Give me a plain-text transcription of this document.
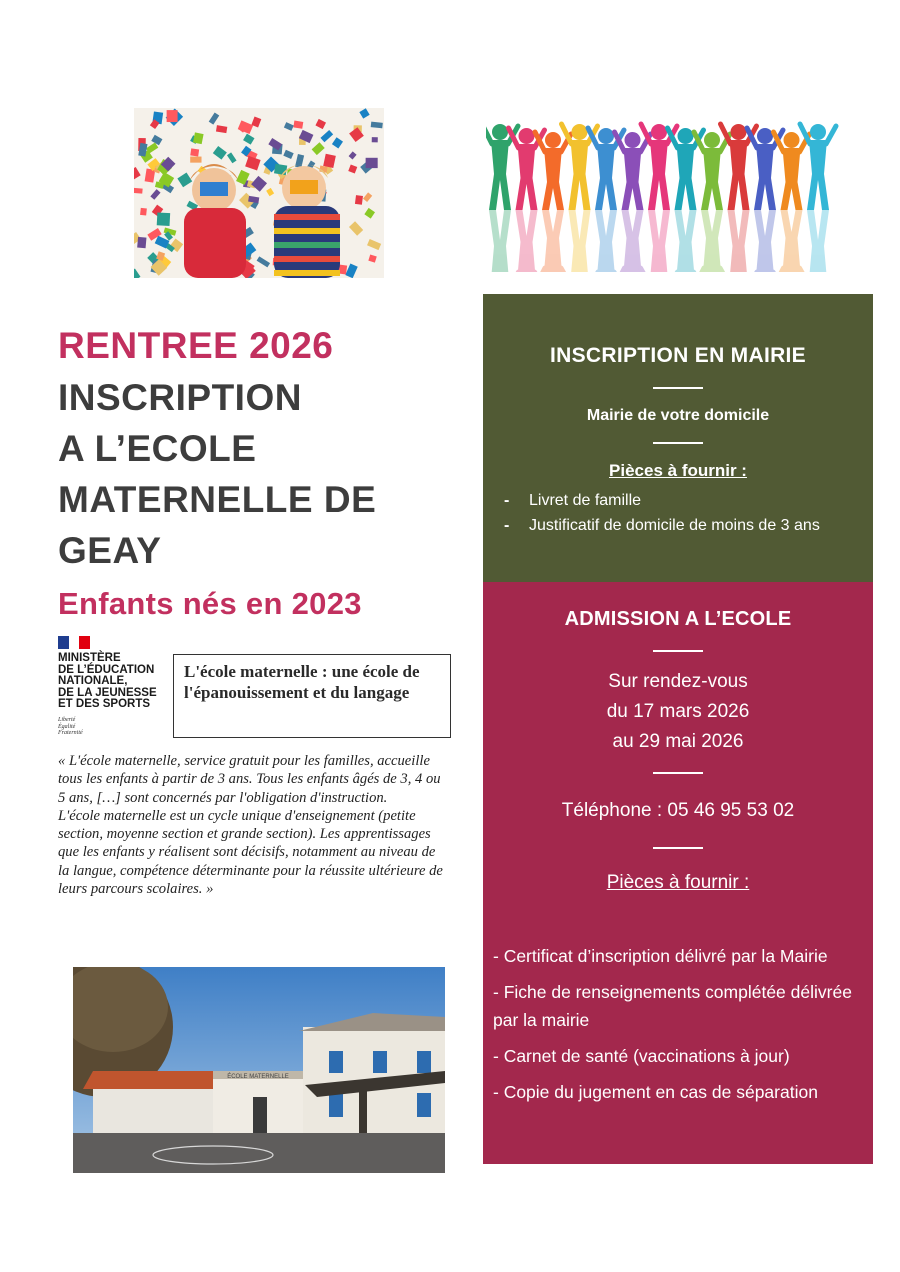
RENTREE 2026
INSCRIPTION
A L’ECOLE
MATERNELLE DE
GEAY
Enfants nés en 2023
MINISTÈRE
DE L’ÉDUCATION
NATIONALE,
DE LA JEUNESSE
ET DES SPORTS
Liberté
Égalité
Fraternité
L'école maternelle : une école de l'épanouissement et du langage

« L'école maternelle, service gratuit pour les familles, accueille tous les enfants à partir de 3 ans. Tous les enfants âgés de 3, 4 ou 5 ans, […] sont concernés par l'obligation d'instruction.

L'école maternelle est un cycle unique d'enseignement (petite section, moyenne section et grande section). Les apprentissages que les enfants y réalisent sont décisifs, notamment au niveau de la langue, compétence déterminante pour la réussite ultérieure de leurs parcours scolaires. »

ÉCOLE MATERNELLE
INSCRIPTION EN MAIRIE
Mairie de votre domicile
Pièces à fournir :
- Livret de famille
- Justificatif de domicile de moins de 3 ans
ADMISSION A L’ECOLE
Sur rendez-vous
du 17 mars 2026
au 29 mai 2026
Téléphone : 05 46 95 53 02
Pièces à fournir :
- Certificat d’inscription délivré par la Mairie
- Fiche de renseignements complétée délivrée par la mairie
- Carnet de santé (vaccinations à jour)
- Copie du jugement en cas de séparation
